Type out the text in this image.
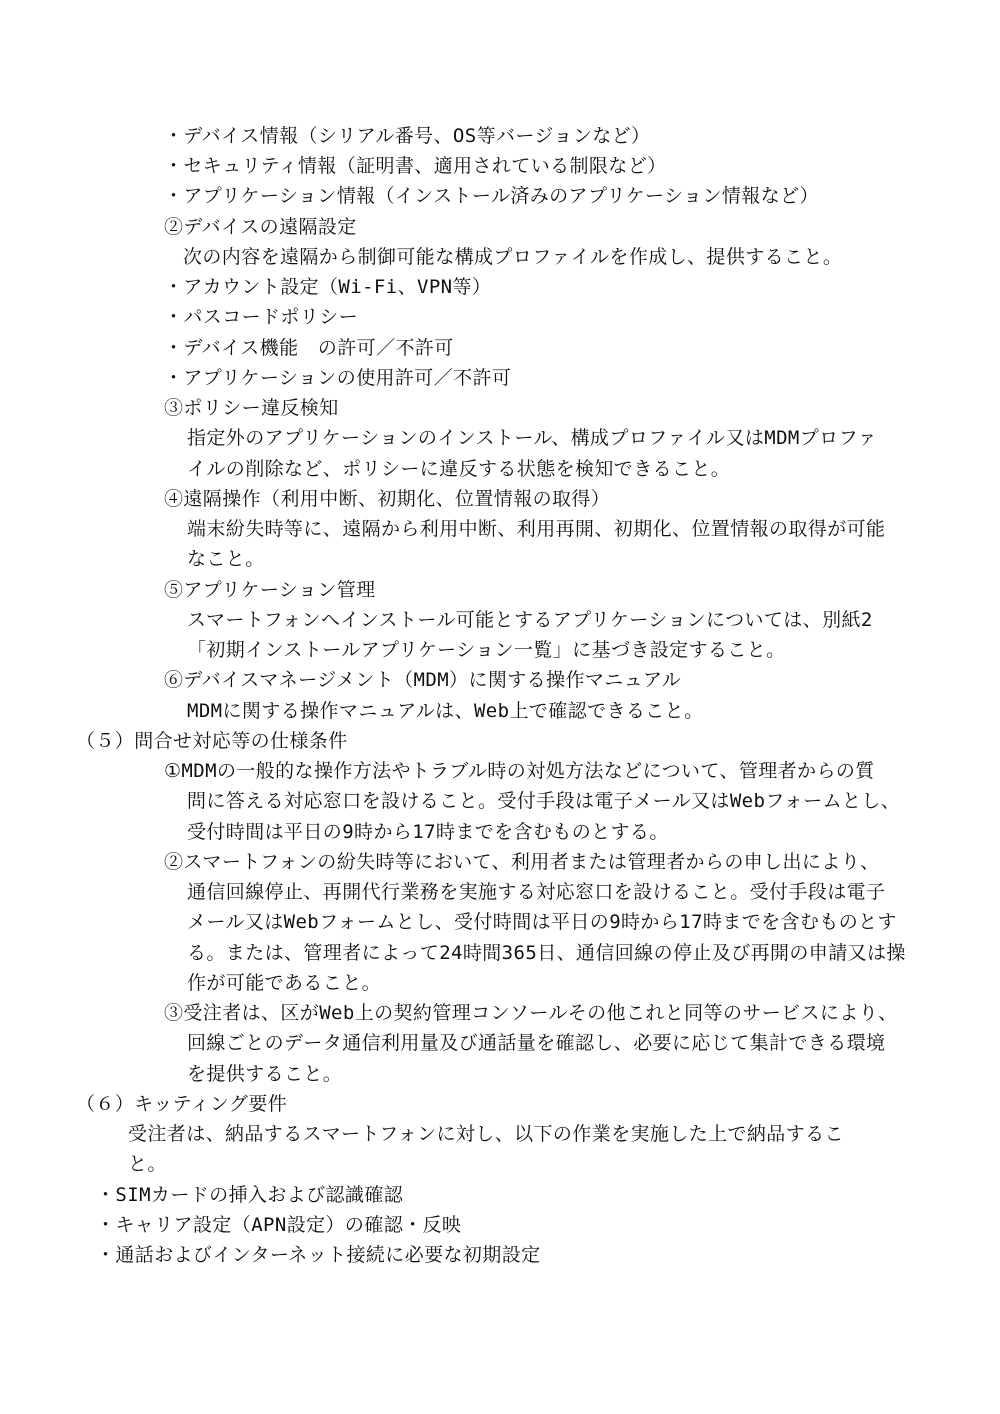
・デバイス情報（シリアル番号、OS等バージョンなど）
・セキュリティ情報（証明書、適用されている制限など）
・アプリケーション情報（インストール済みのアプリケーション情報など）
②デバイスの遠隔設定
次の内容を遠隔から制御可能な構成プロファイルを作成し、提供すること。
・アカウント設定（Wi-Fi、VPN等）
・パスコードポリシー
・デバイス機能　の許可／不許可
・アプリケーションの使用許可／不許可
③ポリシー違反検知
指定外のアプリケーションのインストール、構成プロファイル又はMDMプロファ
イルの削除など、ポリシーに違反する状態を検知できること。
④遠隔操作（利用中断、初期化、位置情報の取得）
端末紛失時等に、遠隔から利用中断、利用再開、初期化、位置情報の取得が可能
なこと。
⑤アプリケーション管理
スマートフォンへインストール可能とするアプリケーションについては、別紙2
「初期インストールアプリケーション一覧」に基づき設定すること。
⑥デバイスマネージメント（MDM）に関する操作マニュアル
MDMに関する操作マニュアルは、Web上で確認できること。
（５）問合せ対応等の仕様条件
①MDMの一般的な操作方法やトラブル時の対処方法などについて、管理者からの質
問に答える対応窓口を設けること。受付手段は電子メール又はWebフォームとし、
受付時間は平日の9時から17時までを含むものとする。
②スマートフォンの紛失時等において、利用者または管理者からの申し出により、
通信回線停止、再開代行業務を実施する対応窓口を設けること。受付手段は電子
メール又はWebフォームとし、受付時間は平日の9時から17時までを含むものとす
る。または、管理者によって24時間365日、通信回線の停止及び再開の申請又は操
作が可能であること。
③受注者は、区がWeb上の契約管理コンソールその他これと同等のサービスにより、
回線ごとのデータ通信利用量及び通話量を確認し、必要に応じて集計できる環境
を提供すること。
（６）キッティング要件
受注者は、納品するスマートフォンに対し、以下の作業を実施した上で納品するこ
と。
・SIMカードの挿入および認識確認
・キャリア設定（APN設定）の確認・反映
・通話およびインターネット接続に必要な初期設定
